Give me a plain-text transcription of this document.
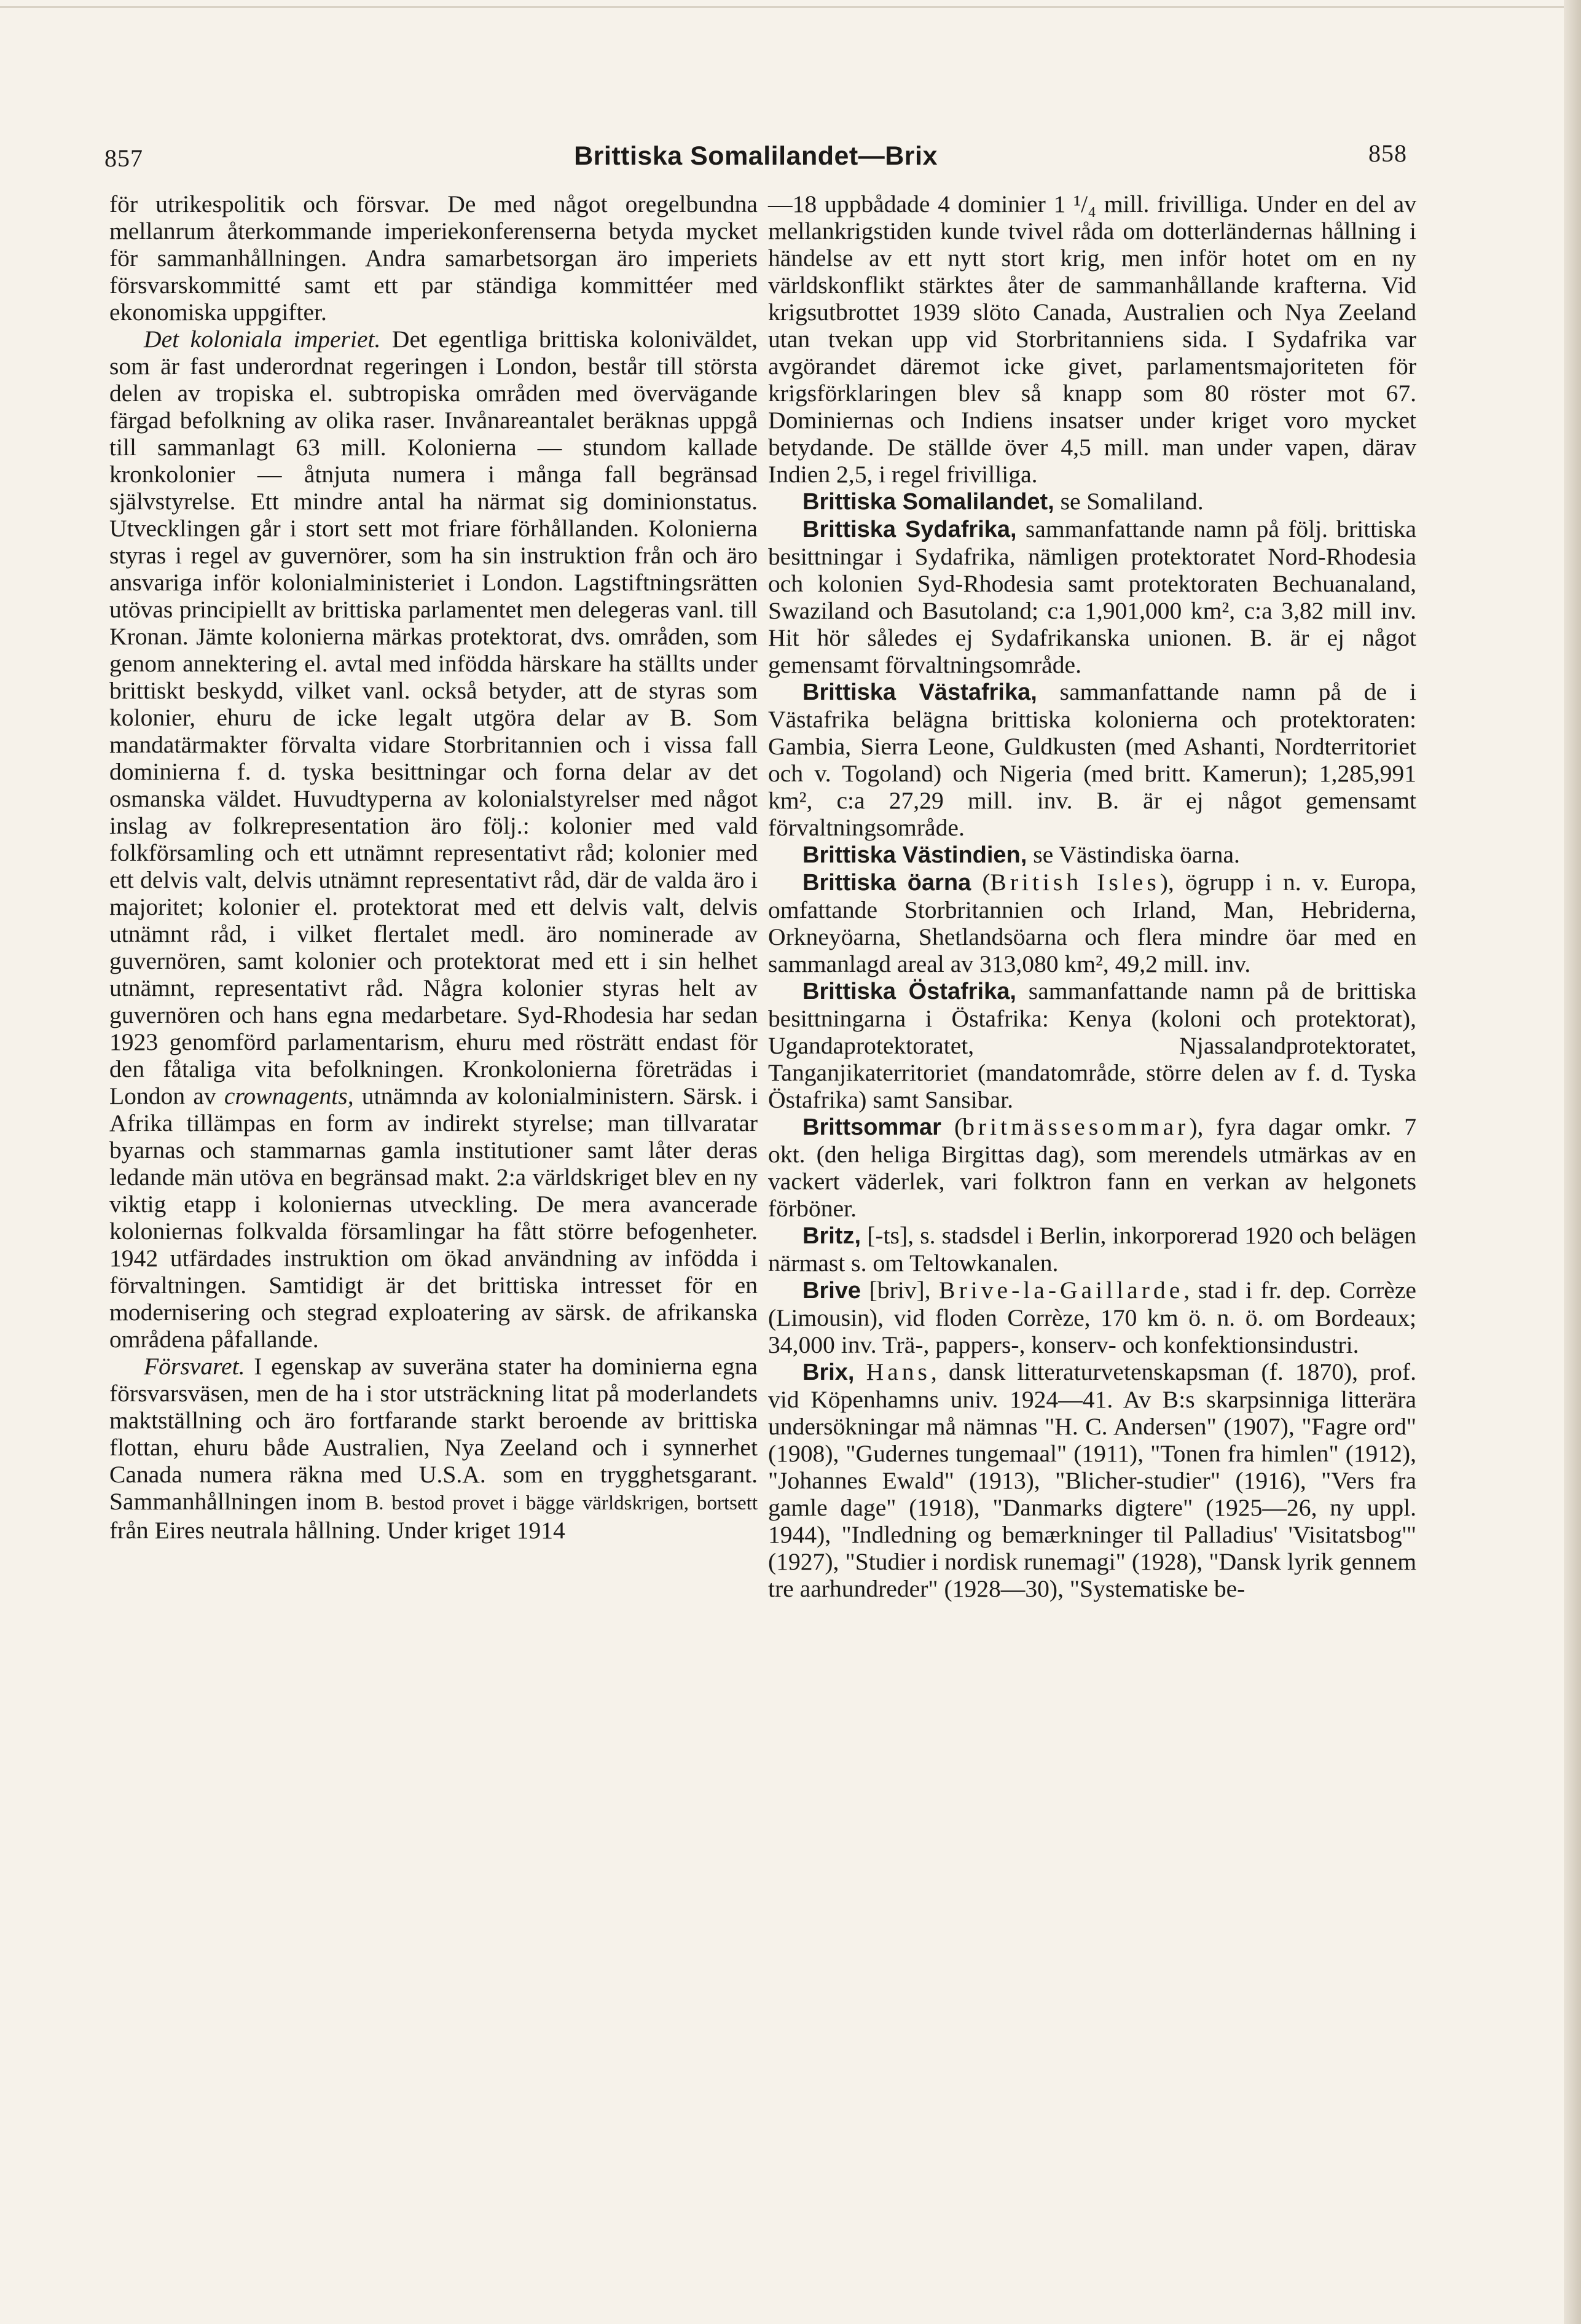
857	Brittiska Somalilandet—Brix	858

för utrikespolitik och försvar. De med något oregelbundna mellanrum återkommande imperiekonferenserna betyda mycket för sammanhållningen. Andra samarbetsorgan äro imperiets försvarskommitté samt ett par ständiga kommittéer med ekonomiska uppgifter.

Det koloniala imperiet. Det egentliga brittiska koloniväldet, som är fast underordnat regeringen i London, består till största delen av tropiska el. subtropiska områden med övervägande färgad befolkning av olika raser. Invånareantalet beräknas uppgå till sammanlagt 63 mill. Kolonierna — stundom kallade kronkolonier — åtnjuta numera i många fall begränsad självstyrelse. Ett mindre antal ha närmat sig dominionstatus. Utvecklingen går i stort sett mot friare förhållanden. Kolonierna styras i regel av guvernörer, som ha sin instruktion från och äro ansvariga inför kolonialministeriet i London. Lagstiftningsrätten utövas principiellt av brittiska parlamentet men delegeras vanl. till Kronan. Jämte kolonierna märkas protektorat, dvs. områden, som genom annektering el. avtal med infödda härskare ha ställts under brittiskt beskydd, vilket vanl. också betyder, att de styras som kolonier, ehuru de icke legalt utgöra delar av B. Som mandatärmakter förvalta vidare Storbritannien och i vissa fall dominierna f. d. tyska besittningar och forna delar av det osmanska väldet. Huvudtyperna av kolonialstyrelser med något inslag av folkrepresentation äro följ.: kolonier med vald folkförsamling och ett utnämnt representativt råd; kolonier med ett delvis valt, delvis utnämnt representativt råd, där de valda äro i majoritet; kolonier el. protektorat med ett delvis valt, delvis utnämnt råd, i vilket flertalet medl. äro nominerade av guvernören, samt kolonier och protektorat med ett i sin helhet utnämnt, representativt råd. Några kolonier styras helt av guvernören och hans egna medarbetare. Syd-Rhodesia har sedan 1923 genomförd parlamentarism, ehuru med rösträtt endast för den fåtaliga vita befolkningen. Kronkolonierna företrädas i London av crownagents, utnämnda av kolonialministern. Särsk. i Afrika tillämpas en form av indirekt styrelse; man tillvaratar byarnas och stammarnas gamla institutioner samt låter deras ledande män utöva en begränsad makt. 2:a världskriget blev en ny viktig etapp i koloniernas utveckling. De mera avancerade koloniernas folkvalda församlingar ha fått större befogenheter. 1942 utfärdades instruktion om ökad användning av infödda i förvaltningen. Samtidigt är det brittiska intresset för en modernisering och stegrad exploatering av särsk. de afrikanska områdena påfallande.

Försvaret. I egenskap av suveräna stater ha dominierna egna försvarsväsen, men de ha i stor utsträckning litat på moderlandets maktställning och äro fortfarande starkt beroende av brittiska flottan, ehuru både Australien, Nya Zeeland och i synnerhet Canada numera räkna med U.S.A. som en trygghetsgarant. Sammanhållningen inom B. bestod provet i bägge världskrigen, bortsett från Eires neutrala hållning. Under kriget 1914

—18 uppbådade 4 dominier 1 ¹/₄ mill. frivilliga. Under en del av mellankrigstiden kunde tvivel råda om dotterländernas hållning i händelse av ett nytt stort krig, men inför hotet om en ny världskonflikt stärktes åter de sammanhållande krafterna. Vid krigsutbrottet 1939 slöto Canada, Australien och Nya Zeeland utan tvekan upp vid Storbritanniens sida. I Sydafrika var avgörandet däremot icke givet, parlamentsmajoriteten för krigsförklaringen blev så knapp som 80 röster mot 67. Dominiernas och Indiens insatser under kriget voro mycket betydande. De ställde över 4,5 mill. man under vapen, därav Indien 2,5, i regel frivilliga.

Brittiska Somalilandet, se Somaliland.

Brittiska Sydafrika, sammanfattande namn på följ. brittiska besittningar i Sydafrika, nämligen protektoratet Nord-Rhodesia och kolonien Syd-Rhodesia samt protektoraten Bechuanaland, Swaziland och Basutoland; c:a 1,901,000 km², c:a 3,82 mill inv. Hit hör således ej Sydafrikanska unionen. B. är ej något gemensamt förvaltningsområde.

Brittiska Västafrika, sammanfattande namn på de i Västafrika belägna brittiska kolonierna och protektoraten: Gambia, Sierra Leone, Guldkusten (med Ashanti, Nordterritoriet och v. Togoland) och Nigeria (med britt. Kamerun); 1,285,991 km², c:a 27,29 mill. inv. B. är ej något gemensamt förvaltningsområde.

Brittiska Västindien, se Västindiska öarna.

Brittiska öarna (British Isles), ögrupp i n. v. Europa, omfattande Storbritannien och Irland, Man, Hebriderna, Orkneyöarna, Shetlandsöarna och flera mindre öar med en sammanlagd areal av 313,080 km², 49,2 mill. inv.

Brittiska Östafrika, sammanfattande namn på de brittiska besittningarna i Östafrika: Kenya (koloni och protektorat), Ugandaprotektoratet, Njassalandprotektoratet, Tanganjikaterritoriet (mandatområde, större delen av f. d. Tyska Östafrika) samt Sansibar.

Brittsommar (britmässesommar), fyra dagar omkr. 7 okt. (den heliga Birgittas dag), som merendels utmärkas av en vackert väderlek, vari folktron fann en verkan av helgonets förböner.

Britz, [-ts], s. stadsdel i Berlin, inkorporerad 1920 och belägen närmast s. om Teltowkanalen.

Brive [briv], Brive-la-Gaillarde, stad i fr. dep. Corrèze (Limousin), vid floden Corrèze, 170 km ö. n. ö. om Bordeaux; 34,000 inv. Trä-, pappers-, konserv- och konfektionsindustri.

Brix, Hans, dansk litteraturvetenskapsman (f. 1870), prof. vid Köpenhamns univ. 1924—41. Av B:s skarpsinniga litterära undersökningar må nämnas "H. C. Andersen" (1907), "Fagre ord" (1908), "Gudernes tungemaal" (1911), "Tonen fra himlen" (1912), "Johannes Ewald" (1913), "Blicher-studier" (1916), "Vers fra gamle dage" (1918), "Danmarks digtere" (1925—26, ny uppl. 1944), "Indledning og bemærkninger til Palladius' 'Visitatsbog'" (1927), "Studier i nordisk runemagi" (1928), "Dansk lyrik gennem tre aarhundreder" (1928—30), "Systematiske be-
